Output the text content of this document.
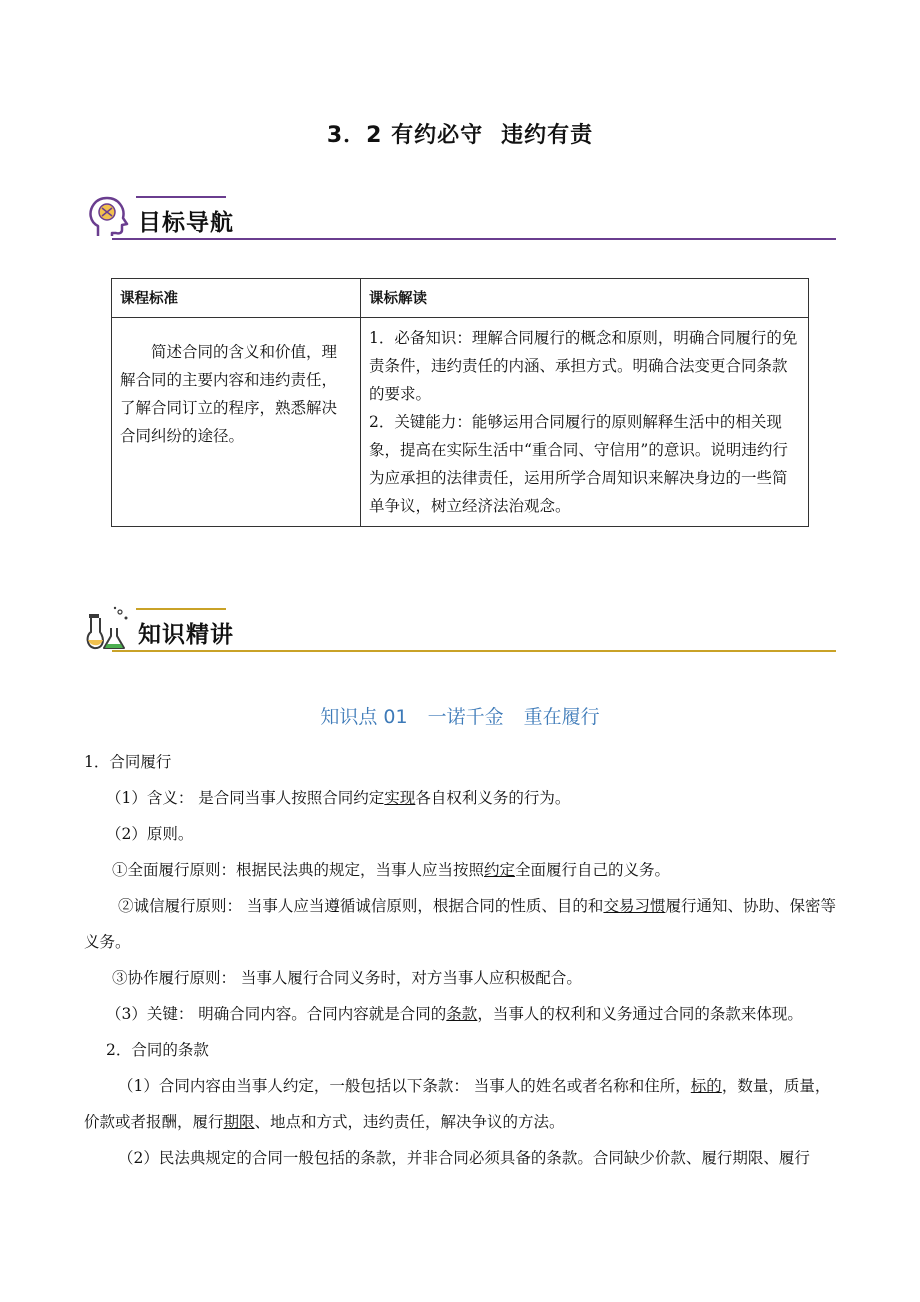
3．2 有约必守 违约有责
目标导航
课程标准	课标解读

简述合同的含义和价值，理解合同的主要内容和违约责任，了解合同订立的程序，熟悉解决合同纠纷的途径。	1．必备知识：理解合同履行的概念和原则，明确合同履行的免责条件，违约责任的内涵、承担方式。明确合法变更合同条款的要求。
2．关键能力：能够运用合同履行的原则解释生活中的相关现象，提高在实际生活中“重合同、守信用”的意识。说明违约行为应承担的法律责任，运用所学合周知识来解决身边的一些简单争议，树立经济法治观念。
知识精讲
知识点 01 一诺千金 重在履行

1．合同履行

（1）含义： 是合同当事人按照合同约定实现各自权利义务的行为。

（2）原则。

①全面履行原则：根据民法典的规定，当事人应当按照约定全面履行自己的义务。

②诚信履行原则： 当事人应当遵循诚信原则，根据合同的性质、目的和交易习惯履行通知、协助、保密等义务。

③协作履行原则： 当事人履行合同义务时，对方当事人应积极配合。

（3）关键： 明确合同内容。合同内容就是合同的条款，当事人的权利和义务通过合同的条款来体现。

2．合同的条款

（1）合同内容由当事人约定，一般包括以下条款： 当事人的姓名或者名称和住所，标的，数量，质量，价款或者报酬，履行期限、地点和方式，违约责任，解决争议的方法。

（2）民法典规定的合同一般包括的条款，并非合同必须具备的条款。合同缺少价款、履行期限、履行
